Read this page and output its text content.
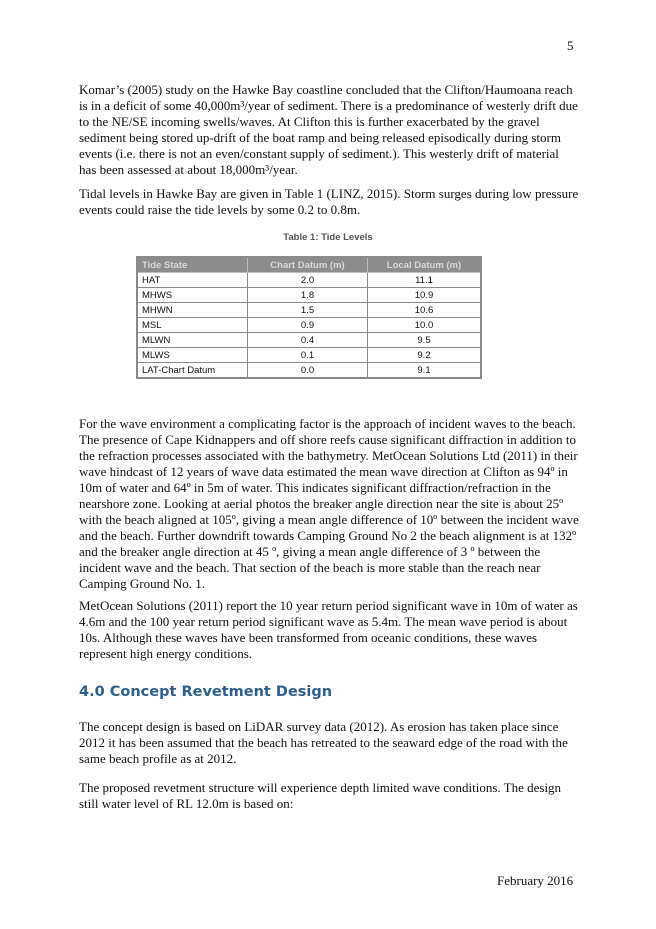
5

Komar’s (2005) study on the Hawke Bay coastline concluded that the Clifton/Haumoana reach is in a deficit of some 40,000m³/year of sediment. There is a predominance of westerly drift due to the NE/SE incoming swells/waves. At Clifton this is further exacerbated by the gravel sediment being stored up-drift of the boat ramp and being released episodically during storm events (i.e. there is not an even/constant supply of sediment.). This westerly drift of material has been assessed at about 18,000m³/year.

Tidal levels in Hawke Bay are given in Table 1 (LINZ, 2015). Storm surges during low pressure events could raise the tide levels by some 0.2 to 0.8m.

Table 1: Tide Levels
Tide State	Chart Datum (m)	Local Datum (m)
HAT	2.0	11.1
MHWS	1.8	10.9
MHWN	1.5	10.6
MSL	0.9	10.0
MLWN	0.4	9.5
MLWS	0.1	9.2
LAT-Chart Datum	0.0	9.1

For the wave environment a complicating factor is the approach of incident waves to the beach. The presence of Cape Kidnappers and off shore reefs cause significant diffraction in addition to the refraction processes associated with the bathymetry. MetOcean Solutions Ltd (2011) in their wave hindcast of 12 years of wave data estimated the mean wave direction at Clifton as 94º in 10m of water and 64º in 5m of water. This indicates significant diffraction/refraction in the nearshore zone. Looking at aerial photos the breaker angle direction near the site is about 25º with the beach aligned at 105º, giving a mean angle difference of 10º between the incident wave and the beach. Further downdrift towards Camping Ground No 2 the beach alignment is at 132º and the breaker angle direction at 45 º, giving a mean angle difference of 3 º between the incident wave and the beach. That section of the beach is more stable than the reach near Camping Ground No. 1.

MetOcean Solutions (2011) report the 10 year return period significant wave in 10m of water as 4.6m and the 100 year return period significant wave as 5.4m. The mean wave period is about 10s. Although these waves have been transformed from oceanic conditions, these waves represent high energy conditions.

4.0 Concept Revetment Design

The concept design is based on LiDAR survey data (2012). As erosion has taken place since 2012 it has been assumed that the beach has retreated to the seaward edge of the road with the same beach profile as at 2012.

The proposed revetment structure will experience depth limited wave conditions. The design still water level of RL 12.0m is based on:

February 2016
